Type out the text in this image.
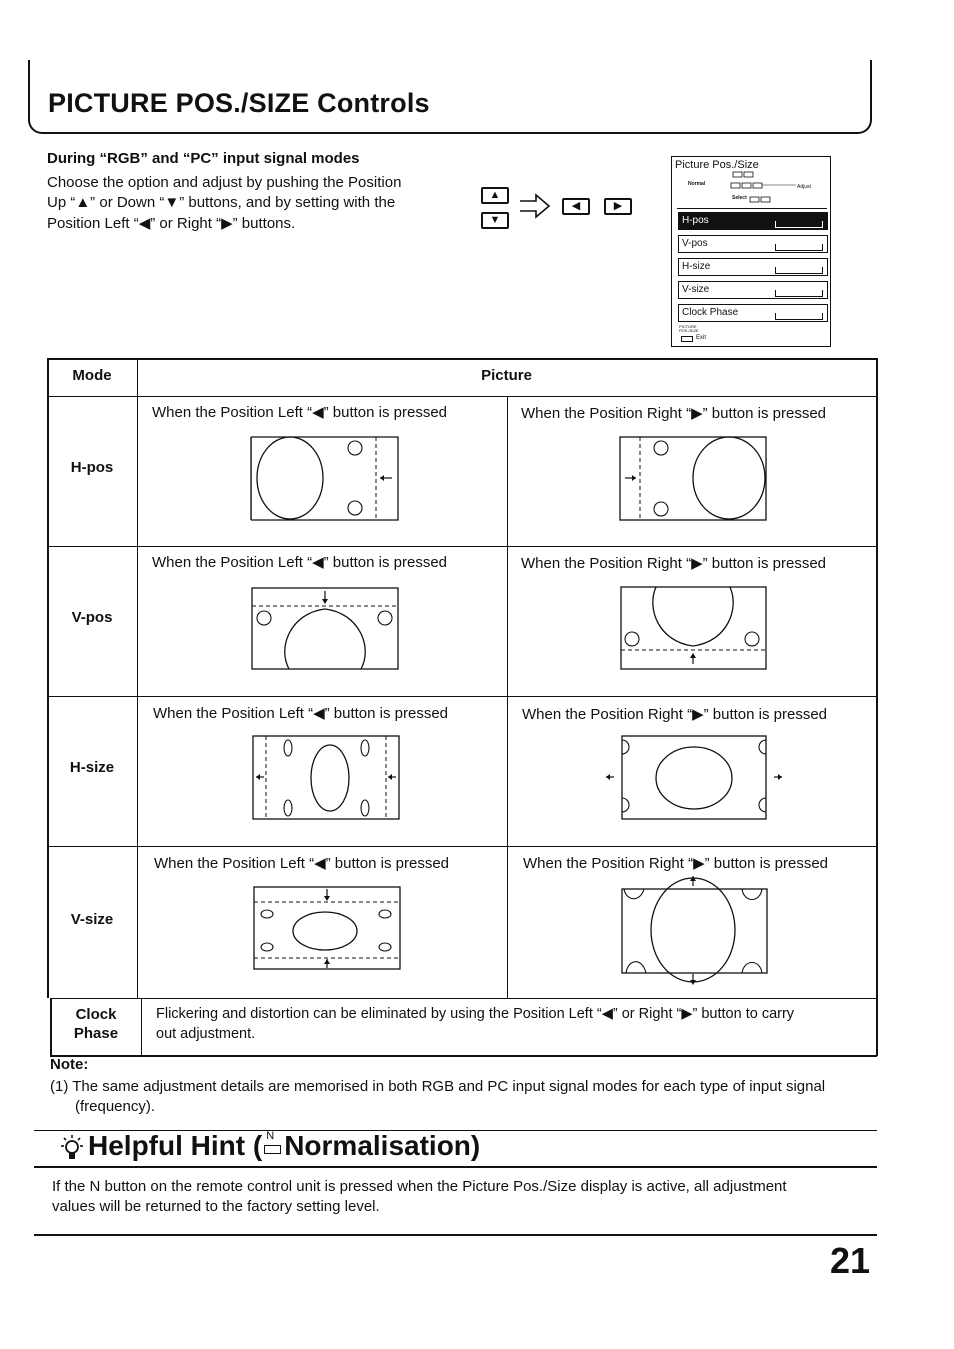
PICTURE POS./SIZE Controls
During “RGB” and “PC” input signal modes
Choose the option and adjust by pushing the Position
Up “▲” or Down “▼” buttons, and by setting with the
Position Left “◀” or Right “▶” buttons.
▲
▼
◀	▶
Picture Pos./Size
Normal	Adjust
Select
H-pos
V-pos
H-size
V-size
Clock Phase
PICTURE POS./SIZE
Exit
Mode	Picture
H-pos
When the Position Left “◀” button is pressed	When the Position Right “▶” button is pressed
V-pos
When the Position Left “◀” button is pressed	When the Position Right “▶” button is pressed
H-size
When the Position Left “◀” button is pressed	When the Position Right “▶” button is pressed
V-size
When the Position Left “◀” button is pressed	When the Position Right “▶” button is pressed
Clock
Phase
Flickering and distortion can be eliminated by using the Position Left “◀” or Right “▶” button to carry
out adjustment.
Note:
(1) The same adjustment details are memorised in both RGB and PC input signal modes for each type of input signal
(frequency).
Helpful Hint ( N Normalisation)
If the N button on the remote control unit is pressed when the Picture Pos./Size display is active, all adjustment
values will be returned to the factory setting level.
21
